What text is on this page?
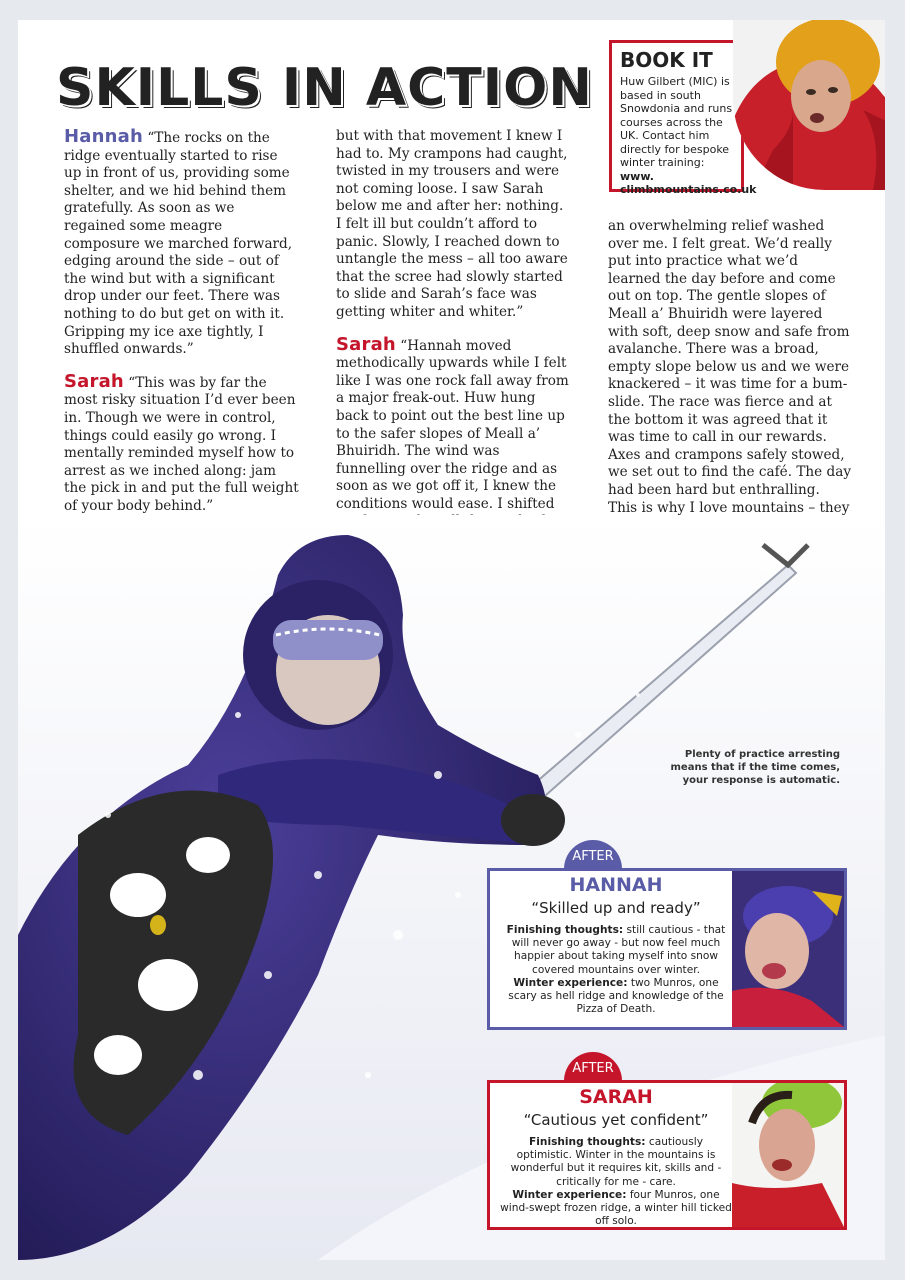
SKILLS IN ACTION

Hannah “The rocks on the ridge eventually started to rise up in front of us, providing some shelter, and we hid behind them gratefully. As soon as we regained some meagre composure we marched forward, edging around the side – out of the wind but with a significant drop under our feet. There was nothing to do but get on with it. Gripping my ice axe tightly, I shuffled onwards.”

Sarah “This was by far the most risky situation I’d ever been in. Though we were in control, things could easily go wrong. I mentally reminded myself how to arrest as we inched along: jam the pick in and put the full weight of your body behind.”

but with that movement I knew I had to. My crampons had caught, twisted in my trousers and were not coming loose. I saw Sarah below me and after her: nothing. I felt ill but couldn’t afford to panic. Slowly, I reached down to untangle the mess – all too aware that the scree had slowly started to slide and Sarah’s face was getting whiter and whiter.”

Sarah “Hannah moved methodically upwards while I felt like I was one rock fall away from a major freak-out. Huw hung back to point out the best line up to the safer slopes of Meall a’ Bhuiridh. The wind was funnelling over the ridge and as soon as we got off it, I knew the conditions would ease. I shifted

an overwhelming relief washed over me. I felt great. We’d really put into practice what we’d learned the day before and come out on top. The gentle slopes of Meall a’ Bhuiridh were layered with soft, deep snow and safe from avalanche. There was a broad, empty slope below us and we were knackered – it was time for a bum-slide. The race was fierce and at the bottom it was agreed that it was time to call in our rewards. Axes and crampons safely stowed, we set out to find the café. The day had been hard but enthralling. This is why I love mountains – they

BOOK IT
Huw Gilbert (MIC) is based in south Snowdonia and runs courses across the UK. Contact him directly for bespoke winter training: www. climbmountains.co.uk
Plenty of practice arresting means that if the time comes, your response is automatic.
AFTER
HANNAH
“Skilled up and ready”
Finishing thoughts: still cautious - that will never go away - but now feel much happier about taking myself into snow covered mountains over winter.
Winter experience: two Munros, one scary as hell ridge and knowledge of the Pizza of Death.
AFTER
SARAH
“Cautious yet confident”
Finishing thoughts: cautiously optimistic. Winter in the mountains is wonderful but it requires kit, skills and - critically for me - care.
Winter experience: four Munros, one wind-swept frozen ridge, a winter hill ticked off solo.
